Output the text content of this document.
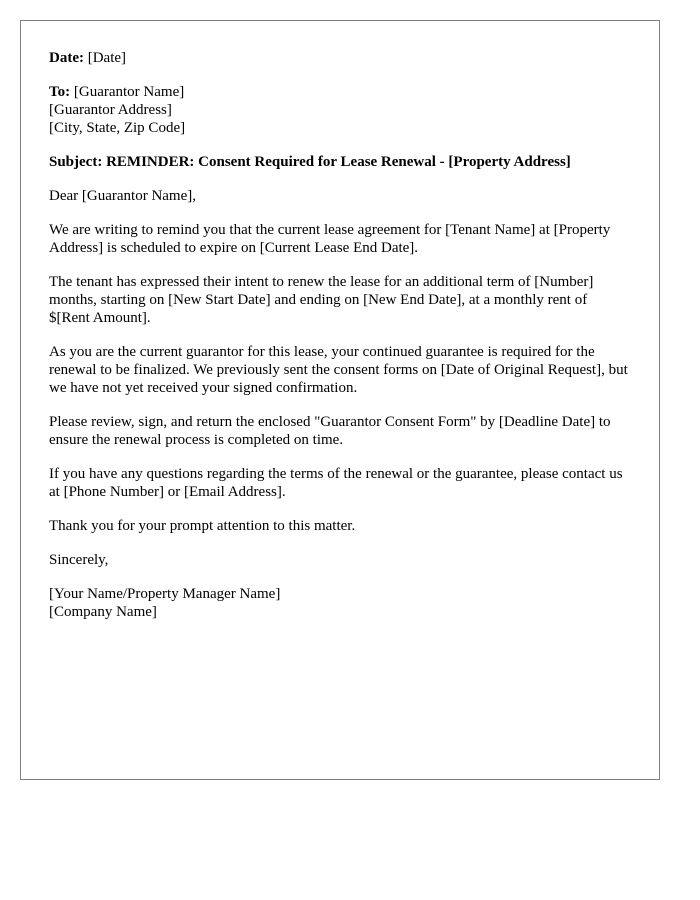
Date: [Date]
To: [Guarantor Name]
[Guarantor Address]
[City, State, Zip Code]
Subject: REMINDER: Consent Required for Lease Renewal - [Property Address]
Dear [Guarantor Name],
We are writing to remind you that the current lease agreement for [Tenant Name] at [Property Address] is scheduled to expire on [Current Lease End Date].
The tenant has expressed their intent to renew the lease for an additional term of [Number] months, starting on [New Start Date] and ending on [New End Date], at a monthly rent of $[Rent Amount].
As you are the current guarantor for this lease, your continued guarantee is required for the renewal to be finalized. We previously sent the consent forms on [Date of Original Request], but we have not yet received your signed confirmation.
Please review, sign, and return the enclosed "Guarantor Consent Form" by [Deadline Date] to ensure the renewal process is completed on time.
If you have any questions regarding the terms of the renewal or the guarantee, please contact us at [Phone Number] or [Email Address].
Thank you for your prompt attention to this matter.
Sincerely,
[Your Name/Property Manager Name]
[Company Name]
